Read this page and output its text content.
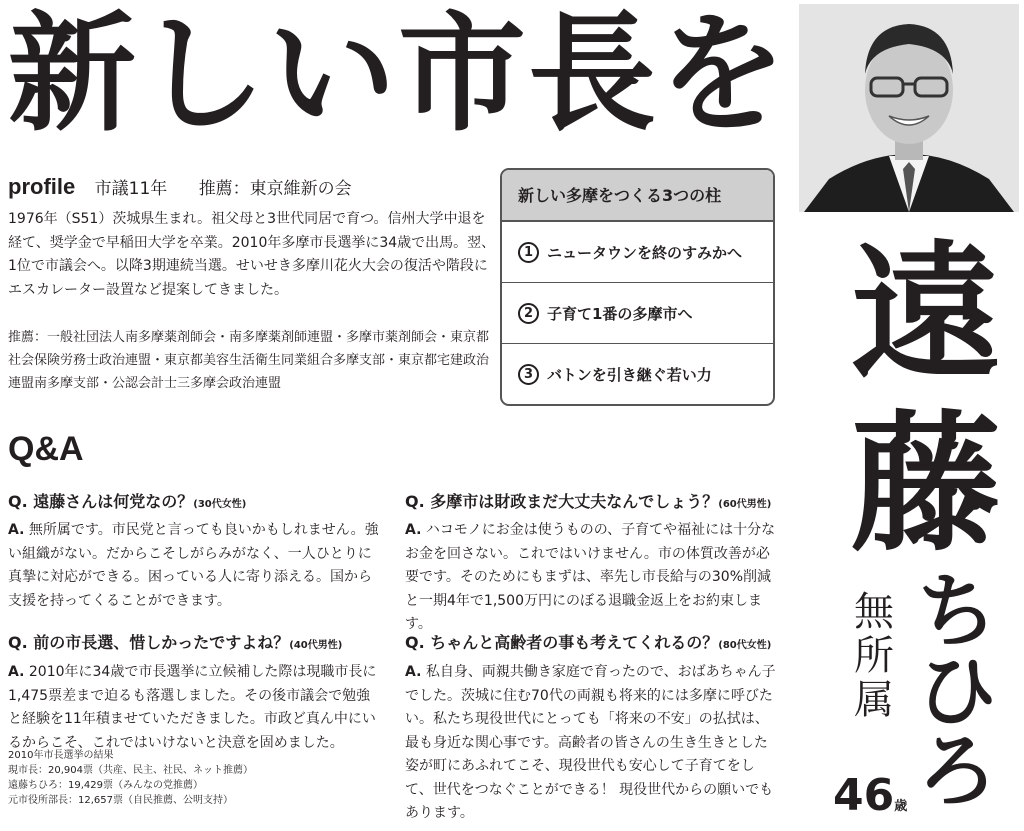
新しい市長を
profile 市議11年 推薦：東京維新の会
1976年（S51）茨城県生まれ。祖父母と3世代同居で育つ。信州大学中退を経て、奨学金で早稲田大学を卒業。2010年多摩市長選挙に34歳で出馬。翌、1位で市議会へ。以降3期連続当選。せいせき多摩川花火大会の復活や階段にエスカレーター設置など提案してきました。
推薦：一般社団法人南多摩薬剤師会・南多摩薬剤師連盟・多摩市薬剤師会・東京都社会保険労務士政治連盟・東京都美容生活衛生同業組合多摩支部・東京都宅建政治連盟南多摩支部・公認会計士三多摩会政治連盟
新しい多摩をつくる3つの柱
1 ニュータウンを終のすみかへ
2 子育て1番の多摩市へ
3 バトンを引き継ぐ若い力
Q&A
Q. 遠藤さんは何党なの？(30代女性)
A. 無所属です。市民党と言っても良いかもしれません。強い組織がない。だからこそしがらみがなく、一人ひとりに真摯に対応ができる。困っている人に寄り添える。国から支援を持ってくることができます。
Q. 多摩市は財政まだ大丈夫なんでしょう？(60代男性)
A. ハコモノにお金は使うものの、子育てや福祉には十分なお金を回さない。これではいけません。市の体質改善が必要です。そのためにもまずは、率先し市長給与の30%削減と一期4年で1,500万円にのぼる退職金返上をお約束します。
Q. 前の市長選、惜しかったですよね？(40代男性)
A. 2010年に34歳で市長選挙に立候補した際は現職市長に1,475票差まで迫るも落選しました。その後市議会で勉強と経験を11年積ませていただきました。市政ど真ん中にいるからこそ、これではいけないと決意を固めました。
Q. ちゃんと高齢者の事も考えてくれるの？(80代女性)
A. 私自身、両親共働き家庭で育ったので、おばあちゃん子でした。茨城に住む70代の両親も将来的には多摩に呼びたい。私たち現役世代にとっても「将来の不安」の払拭は、最も身近な関心事です。高齢者の皆さんの生き生きとした姿が町にあふれてこそ、現役世代も安心して子育てをして、世代をつなぐことができる！ 現役世代からの願いでもあります。
2010年市長選挙の結果
現市長：20,904票（共産、民主、社民、ネット推薦）
遠藤ちひろ：19,429票（みんなの党推薦）
元市役所部長：12,657票（自民推薦、公明支持）
遠
藤
無
所
属
ち
ひ
ろ
46歳
